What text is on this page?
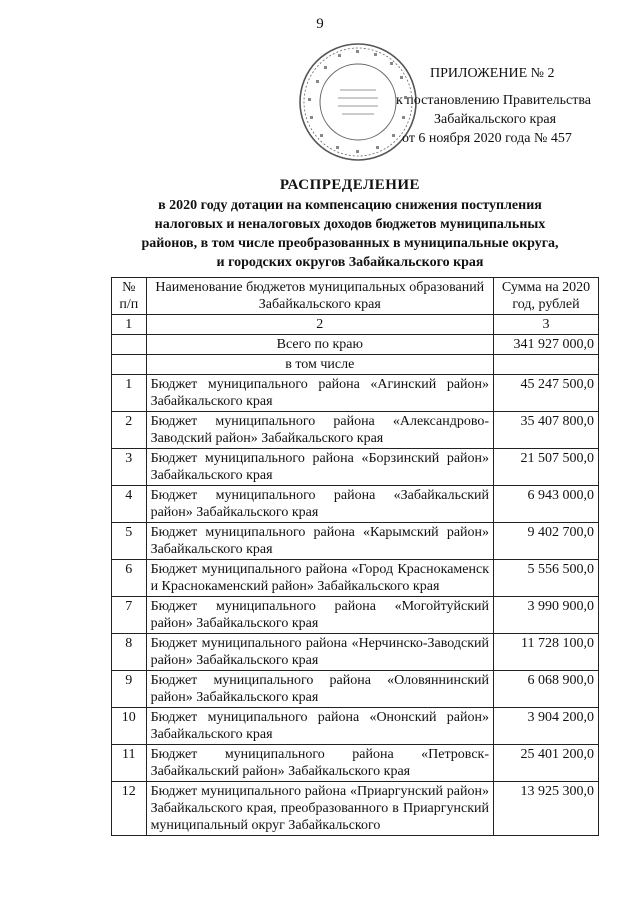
9
ПРИЛОЖЕНИЕ № 2
к постановлению Правительства
Забайкальского края
от 6 ноября 2020 года № 457
РАСПРЕДЕЛЕНИЕ
в 2020 году дотации на компенсацию снижения поступления
налоговых и неналоговых доходов бюджетов муниципальных
районов, в том числе преобразованных в муниципальные округа,
и городских округов Забайкальского края
№ п/п	Наименование бюджетов муниципальных образований Забайкальского края	Сумма на 2020 год, рублей
1	2	3
	Всего по краю	341 927 000,0
	в том числе	
1	Бюджет муниципального района «Агинский район» Забайкальского края	45 247 500,0
2	Бюджет муниципального района «Александрово-Заводский район» Забайкальского края	35 407 800,0
3	Бюджет муниципального района «Борзинский район» Забайкальского края	21 507 500,0
4	Бюджет муниципального района «Забайкальский район» Забайкальского края	6 943 000,0
5	Бюджет муниципального района «Карымский район» Забайкальского края	9 402 700,0
6	Бюджет муниципального района «Город Краснокаменск и Краснокаменский район» Забайкальского края	5 556 500,0
7	Бюджет муниципального района «Могойтуйский район» Забайкальского края	3 990 900,0
8	Бюджет муниципального района «Нерчинско-Заводский район» Забайкальского края	11 728 100,0
9	Бюджет муниципального района «Оловяннинский район» Забайкальского края	6 068 900,0
10	Бюджет муниципального района «Ононский район» Забайкальского края	3 904 200,0
11	Бюджет муниципального района «Петровск-Забайкальский район» Забайкальского края	25 401 200,0
12	Бюджет муниципального района «Приаргунский район» Забайкальского края, преобразованного в Приаргунский муниципальный округ Забайкальского	13 925 300,0
